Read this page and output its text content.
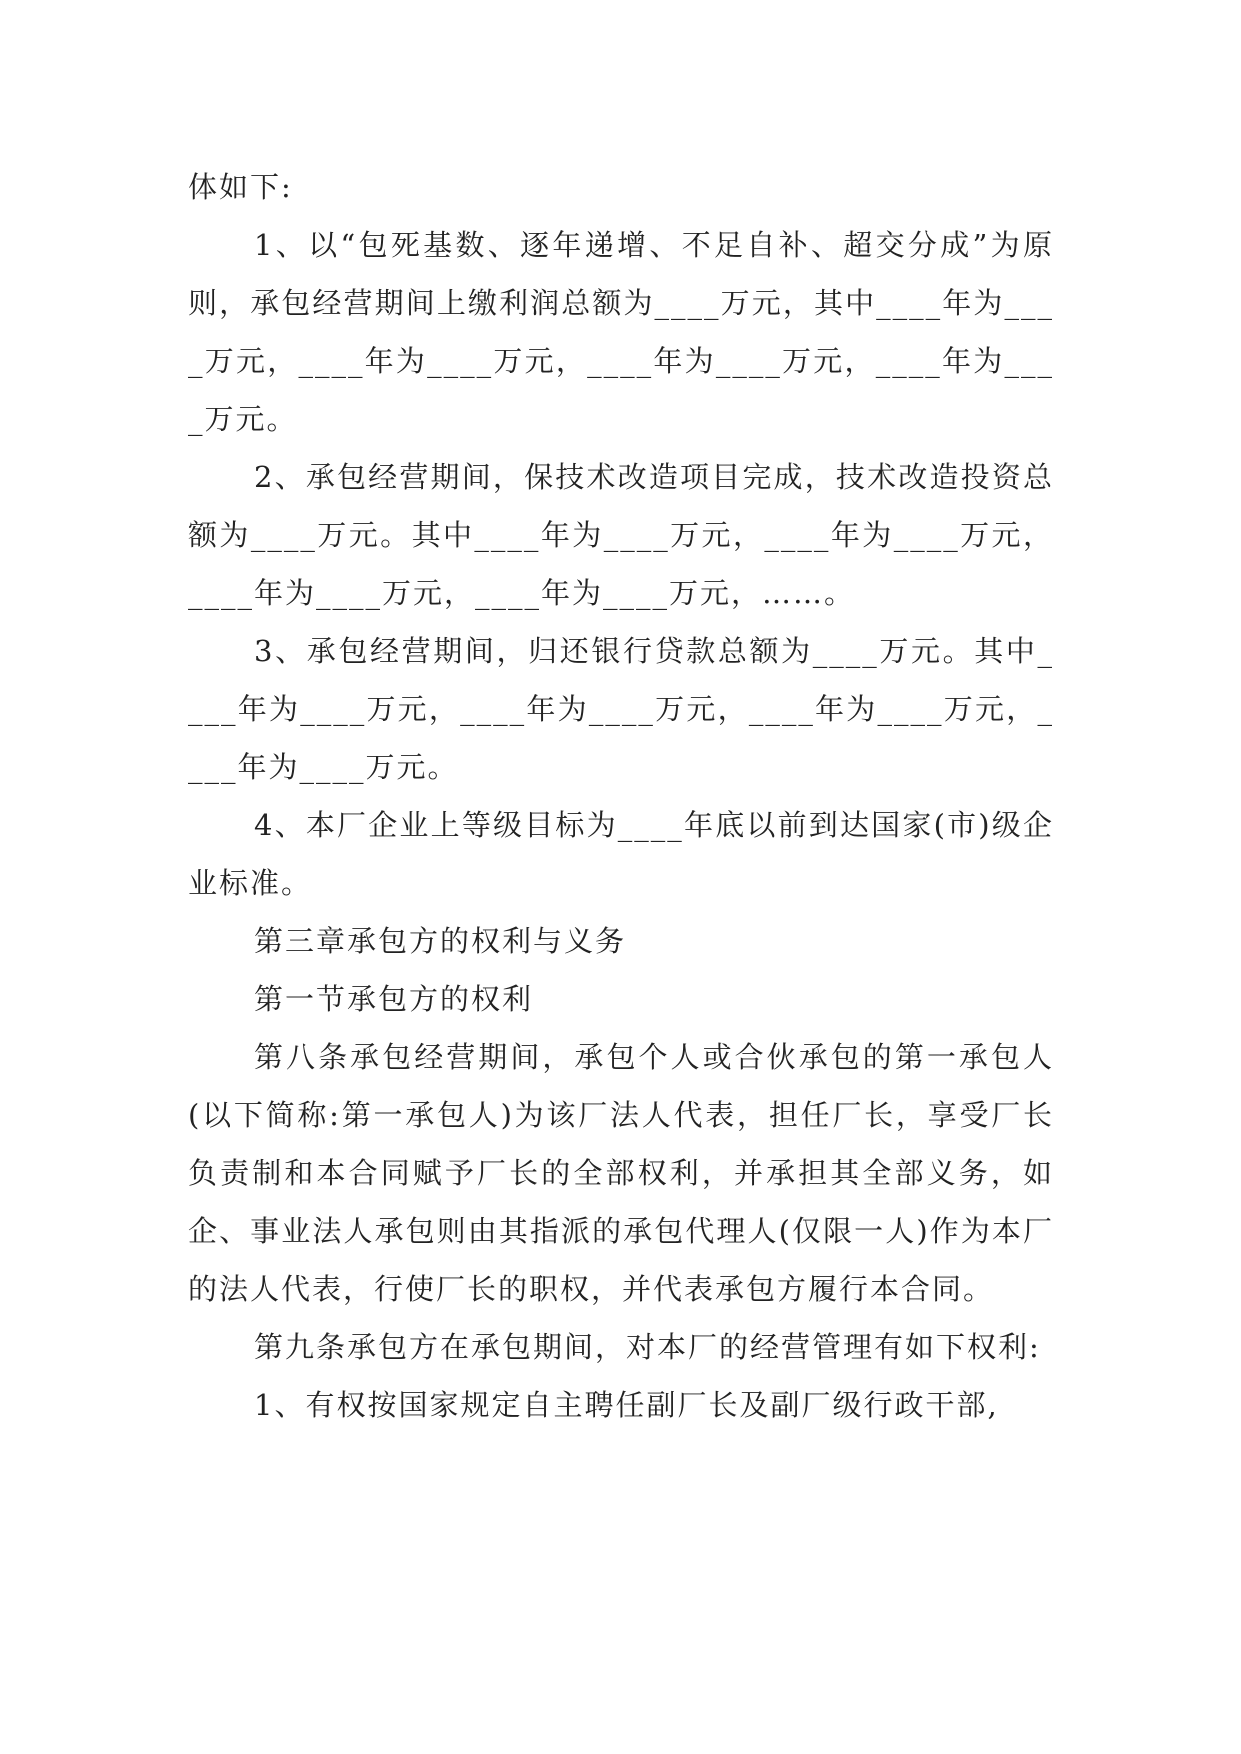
体如下:

1、以“包死基数、逐年递增、不足自补、超交分成”为原则，承包经营期间上缴利润总额为____万元，其中____年为____万元，____年为____万元，____年为____万元，____年为____万元。

2、承包经营期间，保技术改造项目完成，技术改造投资总额为____万元。其中____年为____万元，____年为____万元，____年为____万元，____年为____万元，……。

3、承包经营期间，归还银行贷款总额为____万元。其中____年为____万元，____年为____万元，____年为____万元，____年为____万元。

4、本厂企业上等级目标为____年底以前到达国家(市)级企业标准。

第三章承包方的权利与义务

第一节承包方的权利

第八条承包经营期间，承包个人或合伙承包的第一承包人(以下简称:第一承包人)为该厂法人代表，担任厂长，享受厂长负责制和本合同赋予厂长的全部权利，并承担其全部义务，如企、事业法人承包则由其指派的承包代理人(仅限一人)作为本厂的法人代表，行使厂长的职权，并代表承包方履行本合同。

第九条承包方在承包期间，对本厂的经营管理有如下权利:

1、有权按国家规定自主聘任副厂长及副厂级行政干部,
